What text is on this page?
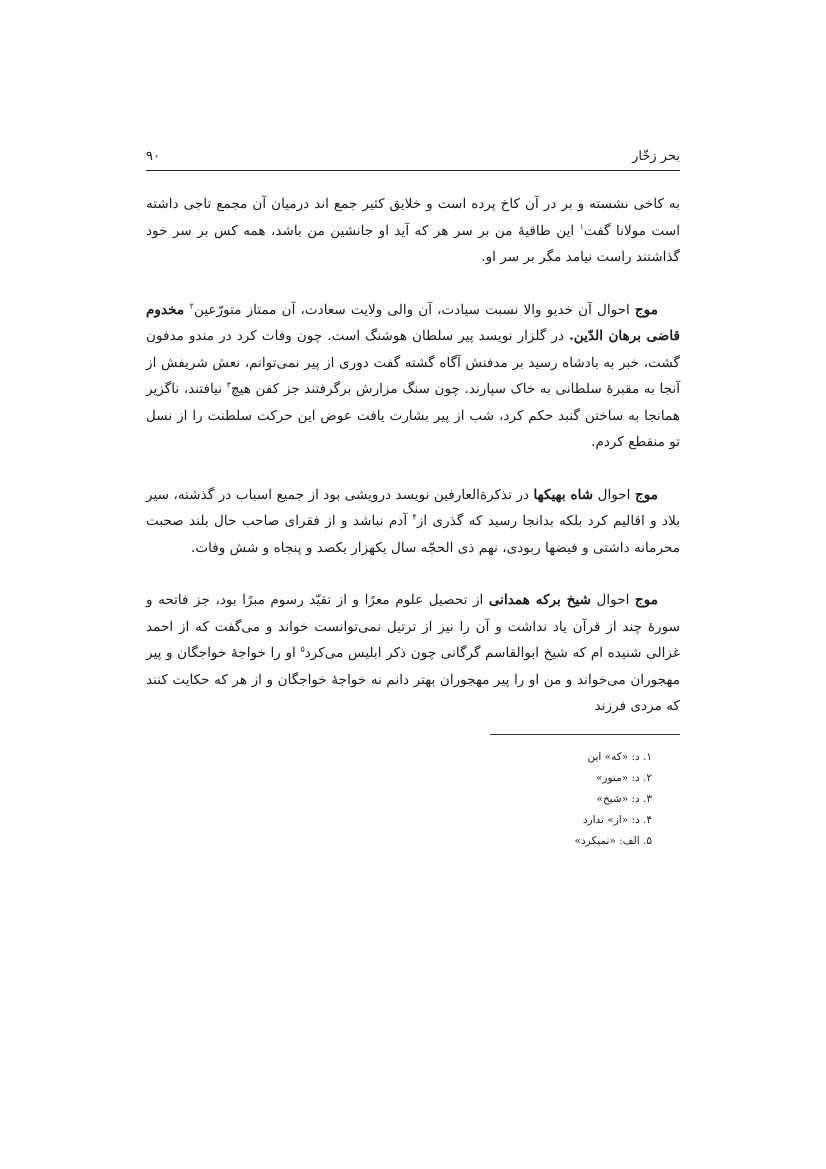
بحر زخّار
۹۰

به کاخی نشسته و بر در آن کاخ پرده است و خلایق کثیر جمع اند درمیان آن مجمع تاجی داشته است مولانا گفت$^۱$ این طاقیهٔ من بر سر هر که آید او جانشین من باشد، همه کس بر سر خود گذاشتند راست نیامد مگر بر سر او.

موج احوال آن خدیو والا نسبت سیادت، آن والی ولایت سعادت، آن ممتاز متورّعین$^۲$ مخدوم قاضی برهان الدّین. در گلزار نویسد پیر سلطان هوشنگ است. چون وفات کرد در مندو مدفون گشت، خبر به بادشاه رسید بر مدفنش آگاه گشته گفت دوری از پیر نمی‌توانم، نعش شریفش از آنجا به مقبرهٔ سلطانی به خاک سپارند. چون سنگ مزارش برگرفتند جز کفن هیچ$^۳$ نیافتند، ناگزیر همانجا به ساختن گنبد حکم کرد، شب از پیر بشارت یافت عوض این حرکت سلطنت را از نسل تو منقطع کردم.

موج احوال شاه بهیکها در تذکرةالعارفین نویسد درویشی بود از جمیع اسباب در گذشته، سیر بلاد و اقالیم کرد بلکه بدانجا رسید که گذری از$^۴$ آدم نباشد و از فقرای صاحب حال بلند صحبت محرمانه داشتی و فیضها ربودی، نهم ذی الحجّه سال یکهزار یکصد و پنجاه و شش وفات.

موج احوال شیخ برکه همدانی از تحصیل علوم معرًا و از تقیّد رسوم مبرًا بود، جز فاتحه و سورهٔ چند از قرآن یاد نداشت و آن را نیز از ترتیل نمی‌توانست خواند و می‌گفت که از احمد غزالی شنیده ام که شیخ ابوالقاسم گرگانی چون ذکر ابلیس می‌کرد$^۵$ او را خواجهٔ خواجگان و پیر مهجوران می‌خواند و من او را پیر مهجوران بهتر دانم نه خواجهٔ خواجگان و از هر که حکایت کنند که مردی فرزند

۱. د: «که» این
۲. د: «منور»
۳. د: «شیخ»
۴. د: «از» ندارد
۵. الف: «نمیکرد»
